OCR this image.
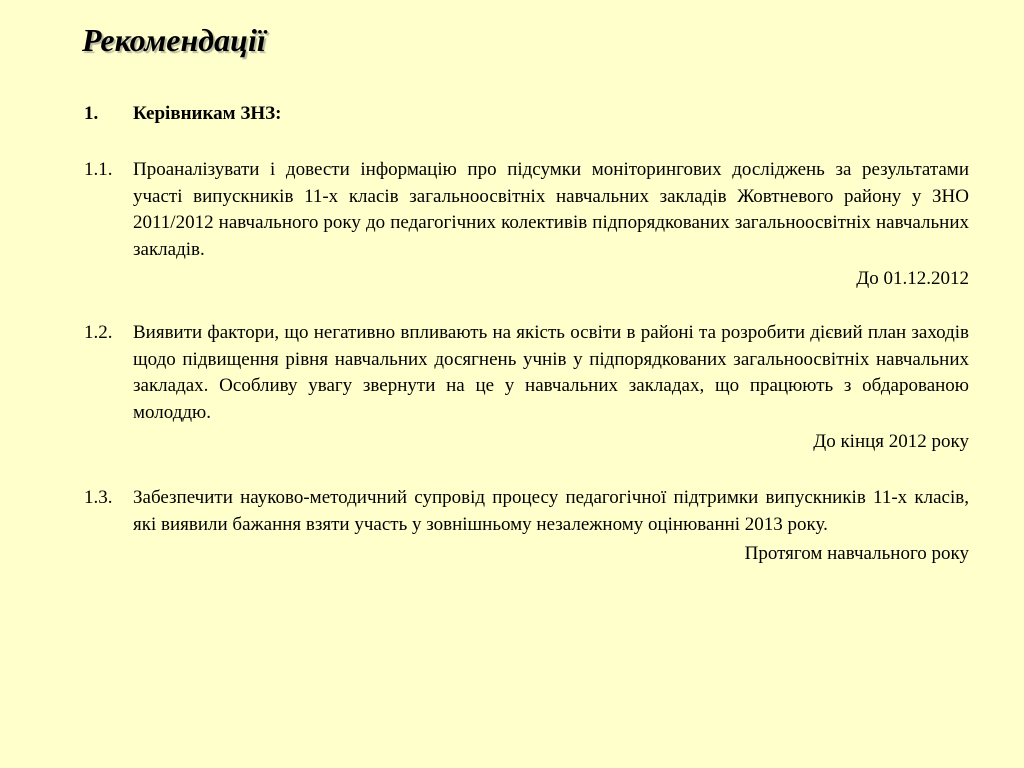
Рекомендації
1. Керівникам ЗНЗ:
1.1. Проаналізувати і довести інформацію про підсумки моніторингових досліджень за результатами участі випускників 11-х класів загальноосвітніх навчальних закладів Жовтневого району у ЗНО 2011/2012 навчального року до педагогічних колективів підпорядкованих загальноосвітніх навчальних закладів.
До 01.12.2012
1.2. Виявити фактори, що негативно впливають на якість освіти в районі та розробити дієвий план заходів щодо підвищення рівня навчальних досягнень учнів у підпорядкованих загальноосвітніх навчальних закладах. Особливу увагу звернути на це у навчальних закладах, що працюють з обдарованою молоддю.
До кінця 2012 року
1.3. Забезпечити науково-методичний супровід процесу педагогічної підтримки випускників 11-х класів, які виявили бажання взяти участь у зовнішньому незалежному оцінюванні 2013 року.
Протягом навчального року
